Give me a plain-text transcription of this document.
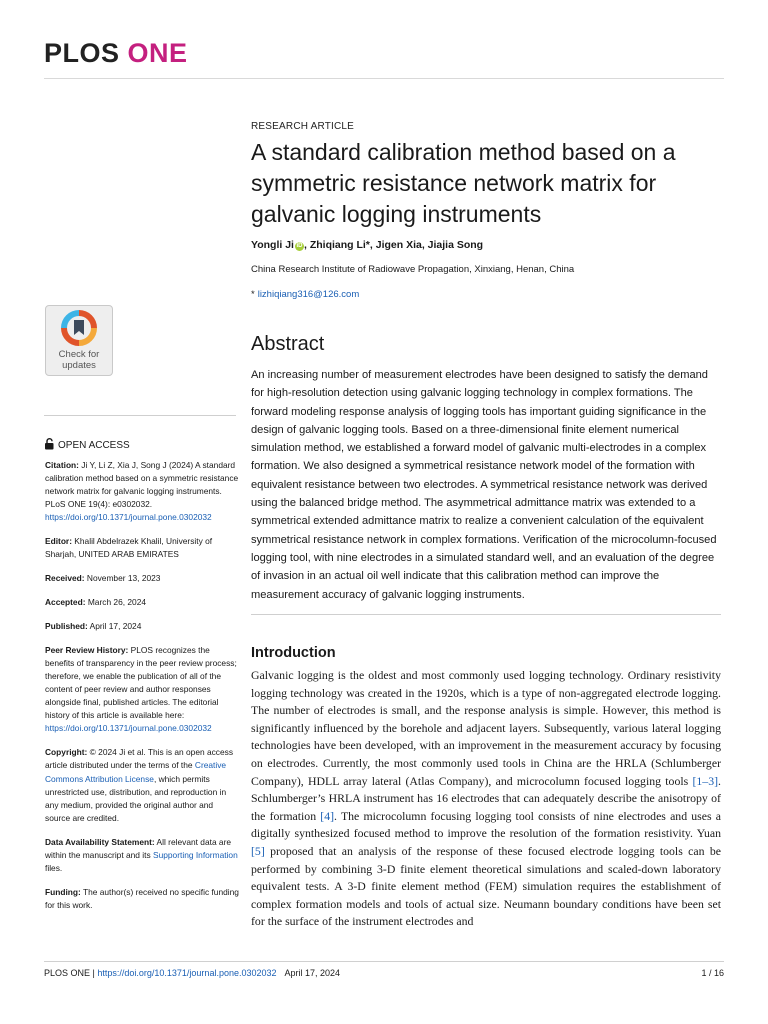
PLOS ONE
RESEARCH ARTICLE
A standard calibration method based on a symmetric resistance network matrix for galvanic logging instruments
Yongli Ji iD , Zhiqiang Li*, Jigen Xia, Jiajia Song
China Research Institute of Radiowave Propagation, Xinxiang, Henan, China
* lizhiqiang316@126.com
Check for
updates
OPEN ACCESS

Citation: Ji Y, Li Z, Xia J, Song J (2024) A standard calibration method based on a symmetric resistance network matrix for galvanic logging instruments. PLoS ONE 19(4): e0302032. https://doi.org/10.1371/journal.pone.0302032

Editor: Khalil Abdelrazek Khalil, University of Sharjah, UNITED ARAB EMIRATES

Received: November 13, 2023

Accepted: March 26, 2024

Published: April 17, 2024

Peer Review History: PLOS recognizes the benefits of transparency in the peer review process; therefore, we enable the publication of all of the content of peer review and author responses alongside final, published articles. The editorial history of this article is available here: https://doi.org/10.1371/journal.pone.0302032

Copyright: © 2024 Ji et al. This is an open access article distributed under the terms of the Creative Commons Attribution License, which permits unrestricted use, distribution, and reproduction in any medium, provided the original author and source are credited.

Data Availability Statement: All relevant data are within the manuscript and its Supporting Information files.

Funding: The author(s) received no specific funding for this work.

Abstract
An increasing number of measurement electrodes have been designed to satisfy the demand for high-resolution detection using galvanic logging technology in complex formations. The forward modeling response analysis of logging tools has important guiding significance in the design of galvanic logging tools. Based on a three-dimensional finite element numerical simulation method, we established a forward model of galvanic multi-electrodes in a complex formation. We also designed a symmetrical resistance network model of the formation with equivalent resistance between two electrodes. A symmetrical resistance network was derived using the balanced bridge method. The asymmetrical admittance matrix was extended to a symmetrical extended admittance matrix to realize a convenient calculation of the equivalent symmetrical resistance network in complex formations. Verification of the microcolumn-focused logging tool, with nine electrodes in a simulated standard well, and an evaluation of the degree of invasion in an actual oil well indicate that this calibration method can improve the measurement accuracy of galvanic logging instruments.
Introduction
Galvanic logging is the oldest and most commonly used logging technology. Ordinary resistivity logging technology was created in the 1920s, which is a type of non-aggregated electrode logging. The number of electrodes is small, and the response analysis is simple. However, this method is significantly influenced by the borehole and adjacent layers. Subsequently, various lateral logging technologies have been developed, with an improvement in the measurement accuracy by focusing on electrodes. Currently, the most commonly used tools in China are the HRLA (Schlumberger Company), HDLL array lateral (Atlas Company), and microcolumn focused logging tools [1–3]. Schlumberger’s HRLA instrument has 16 electrodes that can adequately describe the anisotropy of the formation [4]. The microcolumn focusing logging tool consists of nine electrodes and uses a digitally synthesized focused method to improve the resolution of the formation resistivity. Yuan [5] proposed that an analysis of the response of these focused electrode logging tools can be performed by combining 3-D finite element theoretical simulations and scaled-down laboratory equivalent tests. A 3-D finite element method (FEM) simulation requires the establishment of complex formation models and tools of actual size. Neumann boundary conditions have been set for the surface of the instrument electrodes and
PLOS ONE | https://doi.org/10.1371/journal.pone.0302032 April 17, 2024	1 / 16
